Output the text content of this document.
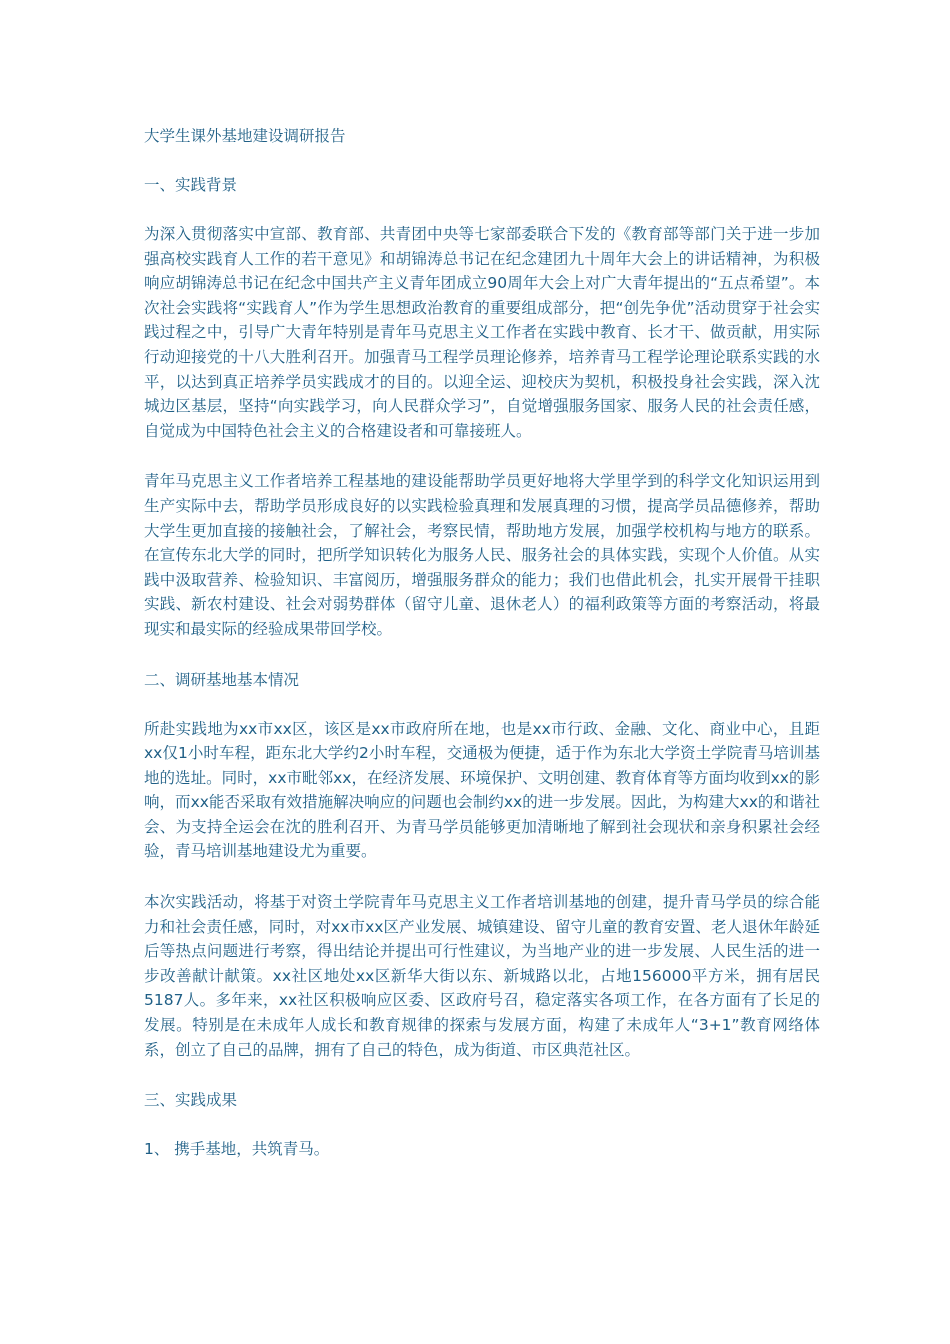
大学生课外基地建设调研报告
一、实践背景

为深入贯彻落实中宣部、教育部、共青团中央等七家部委联合下发的《教育部等部门关于进一步加强高校实践育人工作的若干意见》和胡锦涛总书记在纪念建团九十周年大会上的讲话精神，为积极响应胡锦涛总书记在纪念中国共产主义青年团成立90周年大会上对广大青年提出的“五点希望”。本次社会实践将“实践育人”作为学生思想政治教育的重要组成部分，把“创先争优”活动贯穿于社会实践过程之中，引导广大青年特别是青年马克思主义工作者在实践中教育、长才干、做贡献，用实际行动迎接党的十八大胜利召开。加强青马工程学员理论修养，培养青马工程学论理论联系实践的水平，以达到真正培养学员实践成才的目的。以迎全运、迎校庆为契机，积极投身社会实践，深入沈城边区基层，坚持“向实践学习，向人民群众学习”，自觉增强服务国家、服务人民的社会责任感，自觉成为中国特色社会主义的合格建设者和可靠接班人。

青年马克思主义工作者培养工程基地的建设能帮助学员更好地将大学里学到的科学文化知识运用到生产实际中去，帮助学员形成良好的以实践检验真理和发展真理的习惯，提高学员品德修养，帮助大学生更加直接的接触社会，了解社会，考察民情，帮助地方发展，加强学校机构与地方的联系。在宣传东北大学的同时，把所学知识转化为服务人民、服务社会的具体实践，实现个人价值。从实践中汲取营养、检验知识、丰富阅历，增强服务群众的能力；我们也借此机会，扎实开展骨干挂职实践、新农村建设、社会对弱势群体（留守儿童、退休老人）的福利政策等方面的考察活动，将最现实和最实际的经验成果带回学校。

二、调研基地基本情况

所赴实践地为xx市xx区，该区是xx市政府所在地，也是xx市行政、金融、文化、商业中心，且距xx仅1小时车程，距东北大学约2小时车程，交通极为便捷，适于作为东北大学资土学院青马培训基地的选址。同时，xx市毗邻xx，在经济发展、环境保护、文明创建、教育体育等方面均收到xx的影响，而xx能否采取有效措施解决响应的问题也会制约xx的进一步发展。因此，为构建大xx的和谐社会、为支持全运会在沈的胜利召开、为青马学员能够更加清晰地了解到社会现状和亲身积累社会经验，青马培训基地建设尤为重要。

本次实践活动，将基于对资土学院青年马克思主义工作者培训基地的创建，提升青马学员的综合能力和社会责任感，同时，对xx市xx区产业发展、城镇建设、留守儿童的教育安置、老人退休年龄延后等热点问题进行考察，得出结论并提出可行性建议，为当地产业的进一步发展、人民生活的进一步改善献计献策。xx社区地处xx区新华大街以东、新城路以北，占地156000平方米，拥有居民5187人。多年来，xx社区积极响应区委、区政府号召，稳定落实各项工作，在各方面有了长足的发展。特别是在未成年人成长和教育规律的探索与发展方面，构建了未成年人“3+1”教育网络体系，创立了自己的品牌，拥有了自己的特色，成为街道、市区典范社区。

三、实践成果
1、 携手基地，共筑青马。
